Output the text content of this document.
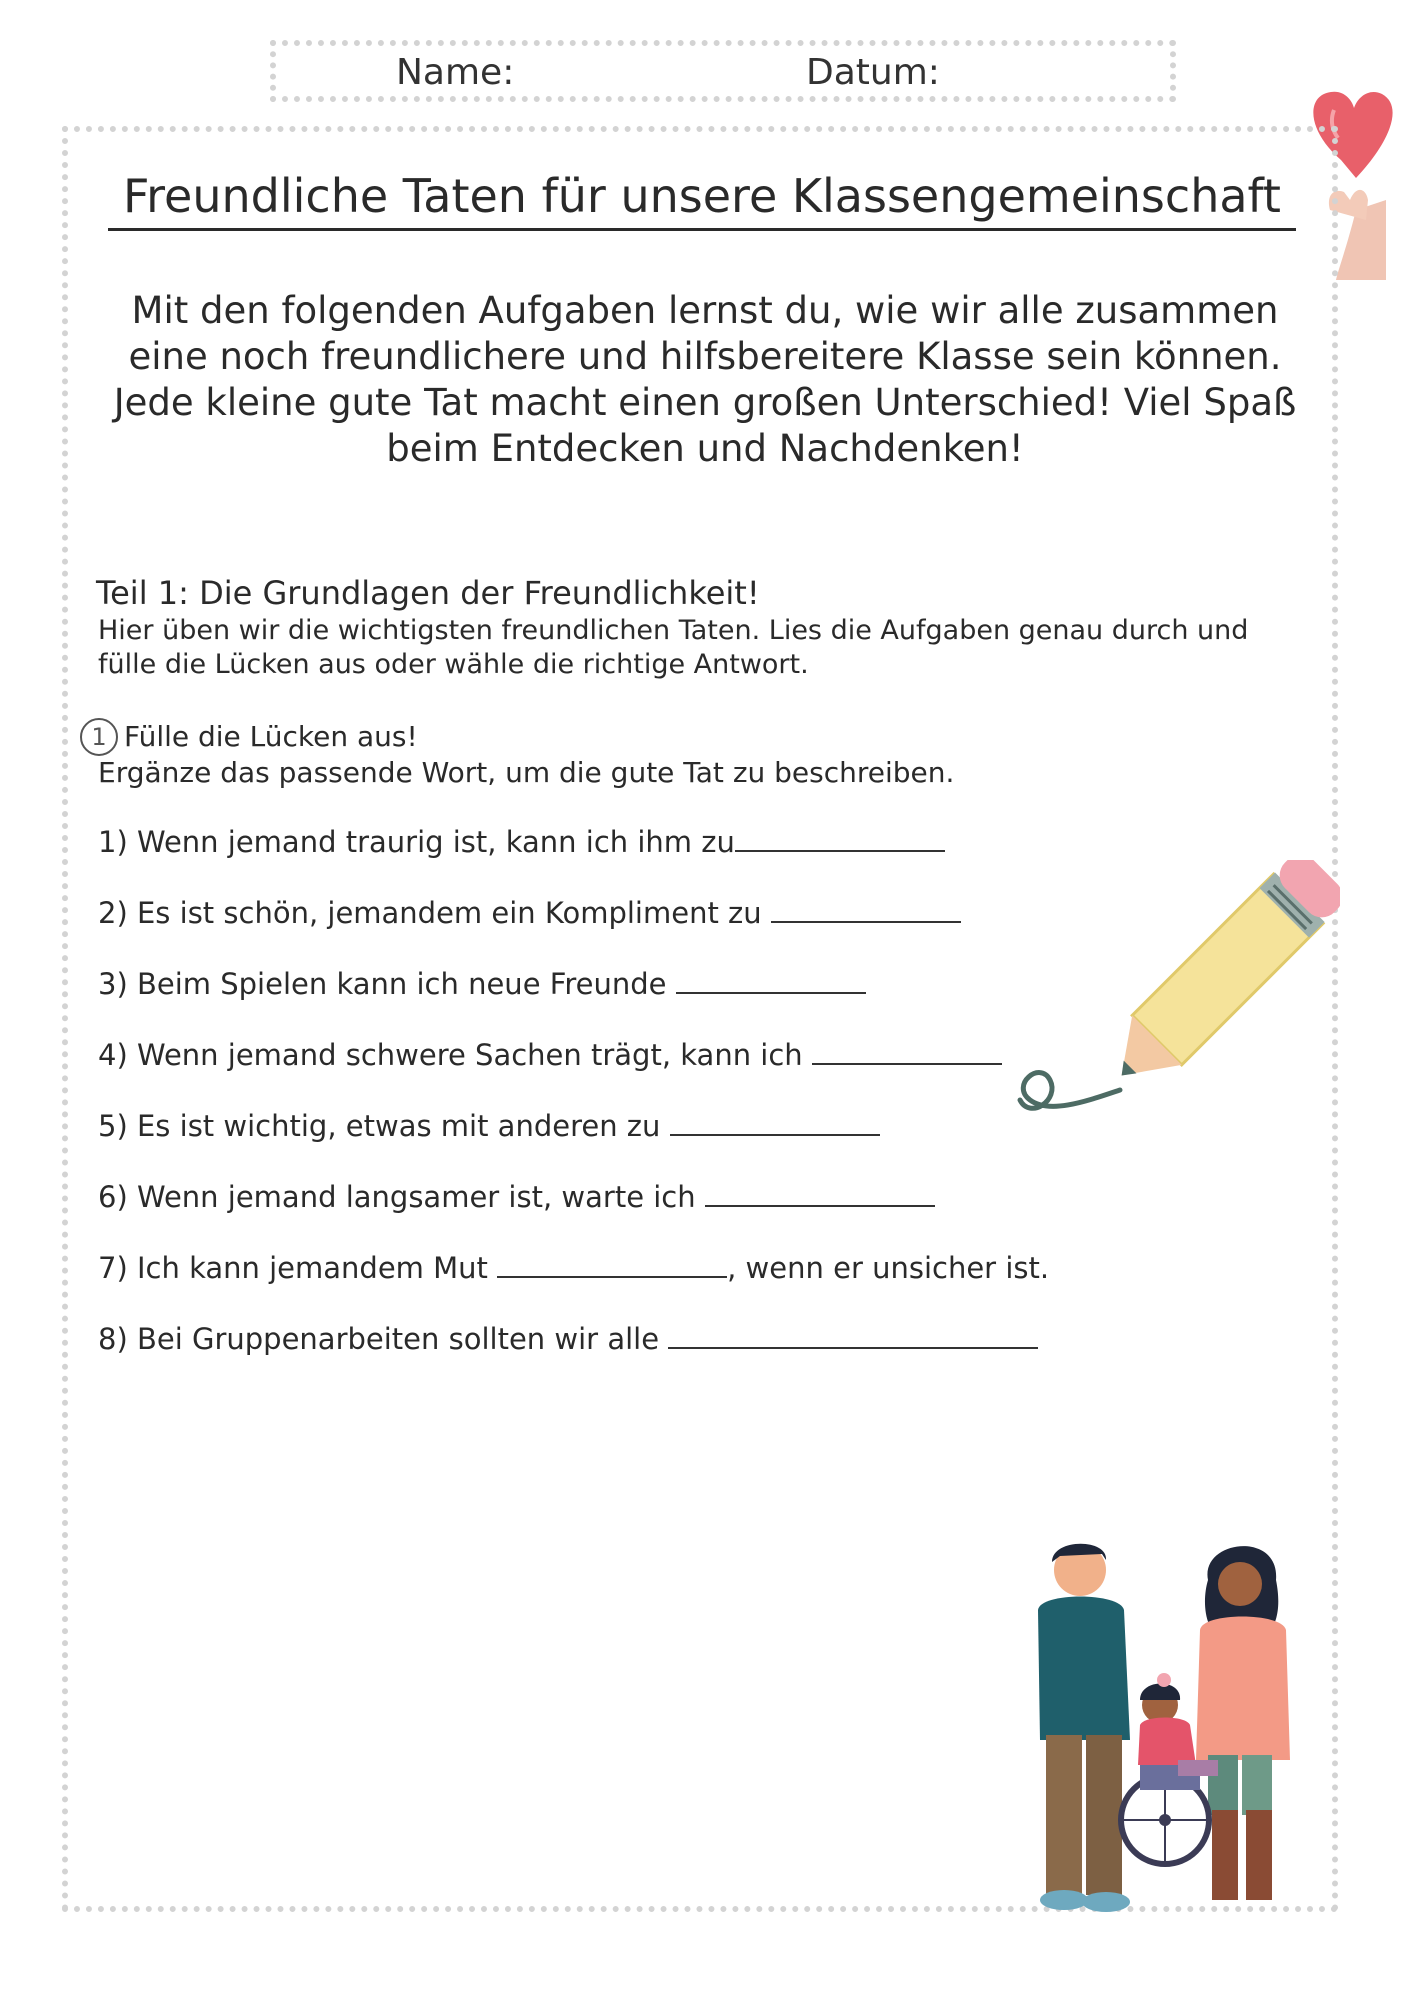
Name:	Datum:
Freundliche Taten für unsere Klassengemeinschaft
Mit den folgenden Aufgaben lernst du, wie wir alle zusammen
eine noch freundlichere und hilfsbereitere Klasse sein können.
Jede kleine gute Tat macht einen großen Unterschied! Viel Spaß
beim Entdecken und Nachdenken!
Teil 1: Die Grundlagen der Freundlichkeit!
Hier üben wir die wichtigsten freundlichen Taten. Lies die Aufgaben genau durch und
fülle die Lücken aus oder wähle die richtige Antwort.
1 Fülle die Lücken aus!
Ergänze das passende Wort, um die gute Tat zu beschreiben.
1) Wenn jemand traurig ist, kann ich ihm zu
2) Es ist schön, jemandem ein Kompliment zu
3) Beim Spielen kann ich neue Freunde
4) Wenn jemand schwere Sachen trägt, kann ich
5) Es ist wichtig, etwas mit anderen zu
6) Wenn jemand langsamer ist, warte ich
7) Ich kann jemandem Mut	, wenn er unsicher ist.
8) Bei Gruppenarbeiten sollten wir alle
